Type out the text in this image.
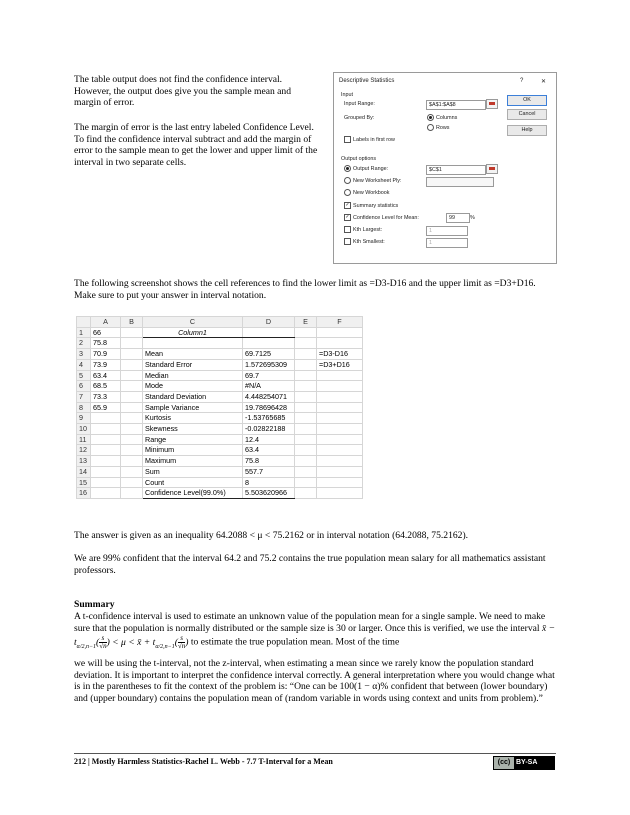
The table output does not find the confidence interval. However, the output does give you the sample mean and margin of error.

The margin of error is the last entry labeled Confidence Level. To find the confidence interval subtract and add the margin of error to the sample mean to get the lower and upper limit of the interval in two separate cells.

Descriptive Statistics	?	✕
Input
Input Range:	$A$1:$A$8
Grouped By:	Columns
Rows
Labels in first row
OK
Cancel
Help
Output options
Output Range:	$C$1
New Worksheet Ply:
New Workbook
✓ Summary statistics
✓ Confidence Level for Mean:	99	%
Kth Largest:	1
Kth Smallest:	1

The following screenshot shows the cell references to find the lower limit as =D3-D16 and the upper limit as =D3+D16. Make sure to put your answer in interval notation.

	A	B	C	D	E	F
1	66		Column1			
2	75.8					
3	70.9		Mean	69.7125		=D3-D16
4	73.9		Standard Error	1.572695309		=D3+D16
5	63.4		Median	69.7		
6	68.5		Mode	#N/A		
7	73.3		Standard Deviation	4.448254071		
8	65.9		Sample Variance	19.78696428		
9			Kurtosis	-1.53765685		
10			Skewness	-0.02822188		
11			Range	12.4		
12			Minimum	63.4		
13			Maximum	75.8		
14			Sum	557.7		
15			Count	8		
16			Confidence Level(99.0%)	5.503620966		

The answer is given as an inequality 64.2088 < μ < 75.2162 or in interval notation (64.2088, 75.2162).

We are 99% confident that the interval 64.2 and 75.2 contains the true population mean salary for all mathematics assistant professors.

Summary

A t-confidence interval is used to estimate an unknown value of the population mean for a single sample. We need to make sure that the population is normally distributed or the sample size is 30 or larger. Once this is verified, we use the interval x̄ − $t_{\alpha/2,n-1}( \frac{s}{√n}) < \mu$ < x̄ + $t_{\alpha/2,n-1}( \frac{s}{√n})$ to estimate the true population mean. Most of the time

we will be using the t-interval, not the z-interval, when estimating a mean since we rarely know the population standard deviation. It is important to interpret the confidence interval correctly. A general interpretation where you would change what is in the parentheses to fit the context of the problem is: “One can be 100(1 − α)% confident that between (lower boundary) and (upper boundary) contains the population mean of (random variable in words using context and units from problem).”

212 | Mostly Harmless Statistics-Rachel L. Webb - 7.7 T-Interval for a Mean	(cc) BY-SA
